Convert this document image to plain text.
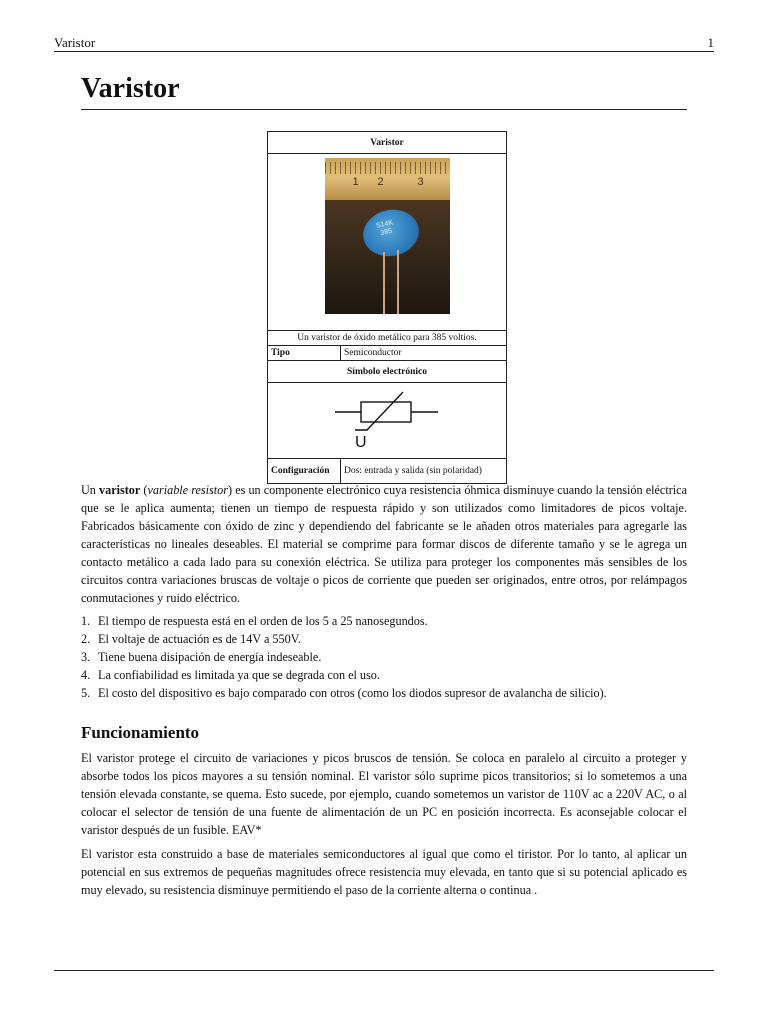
Varistor	1
Varistor
Varistor	

1 2 3
S14K
385	

Un varistor de óxido metálico para 385 voltios.	
Tipo	Semiconductor
Símbolo electrónico	

U	

Configuración	Dos: entrada y salida (sin polaridad)

Un varistor (variable resistor) es un componente electrónico cuya resistencia óhmica disminuye cuando la tensión eléctrica que se le aplica aumenta; tienen un tiempo de respuesta rápido y son utilizados como limitadores de picos voltaje. Fabricados básicamente con óxido de zinc y dependiendo del fabricante se le añaden otros materiales para agregarle las características no lineales deseables. El material se comprime para formar discos de diferente tamaño y se le agrega un contacto metálico a cada lado para su conexión eléctrica. Se utiliza para proteger los componentes más sensibles de los circuitos contra variaciones bruscas de voltaje o picos de corriente que pueden ser originados, entre otros, por relámpagos conmutaciones y ruido eléctrico.

1. El tiempo de respuesta está en el orden de los 5 a 25 nanosegundos.
2. El voltaje de actuación es de 14V a 550V.
3. Tiene buena disipación de energía indeseable.
4. La confiabilidad es limitada ya que se degrada con el uso.
5. El costo del dispositivo es bajo comparado con otros (como los diodos supresor de avalancha de silicio).
Funcionamiento

El varistor protege el circuito de variaciones y picos bruscos de tensión. Se coloca en paralelo al circuito a proteger y absorbe todos los picos mayores a su tensión nominal. El varistor sólo suprime picos transitorios; si lo sometemos a una tensión elevada constante, se quema. Esto sucede, por ejemplo, cuando sometemos un varistor de 110V ac a 220V AC, o al colocar el selector de tensión de una fuente de alimentación de un PC en posición incorrecta. Es aconsejable colocar el varistor después de un fusible. EAV*

El varistor esta construido a base de materiales semiconductores al igual que como el tiristor. Por lo tanto, al aplicar un potencial en sus extremos de pequeñas magnitudes ofrece resistencia muy elevada, en tanto que si su potencial aplicado es muy elevado, su resistencia disminuye permitiendo el paso de la corriente alterna o continua .
